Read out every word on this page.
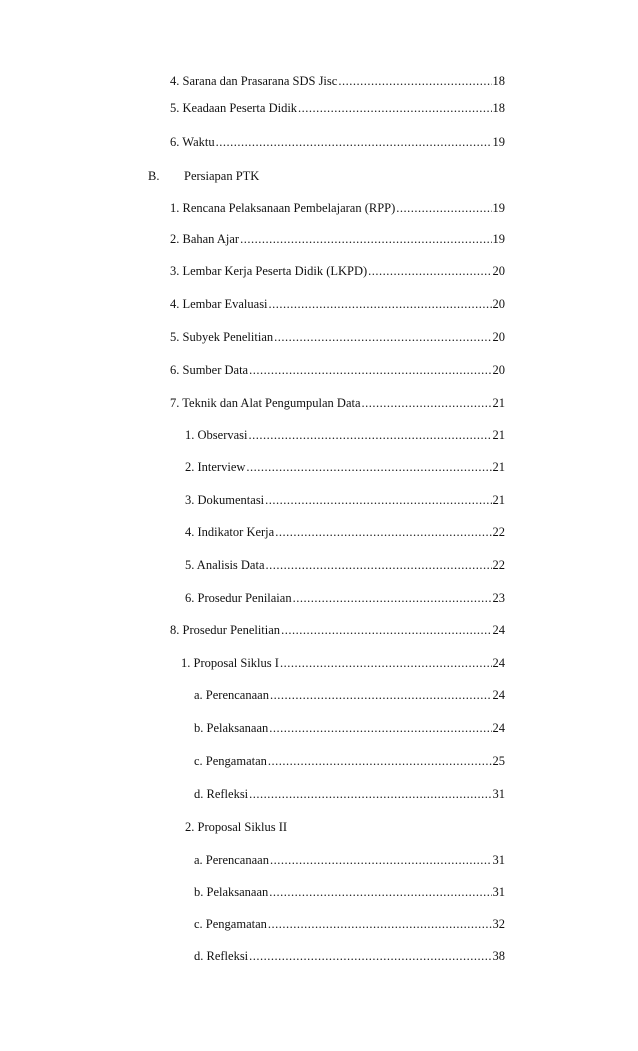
4. Sarana dan Prasarana SDS Jisc .....	18
5. Keadaan Peserta Didik .....	18
6. Waktu .....	19
B. Persiapan PTK
1. Rencana Pelaksanaan Pembelajaran (RPP) .....	19
2. Bahan Ajar .....	19
3. Lembar Kerja Peserta Didik (LKPD) .....	20
4. Lembar Evaluasi .....	20
5. Subyek Penelitian .....	20
6. Sumber Data .....	20
7. Teknik dan Alat Pengumpulan Data .....	21
1. Observasi .....	21
2. Interview .....	21
3. Dokumentasi .....	21
4. Indikator Kerja .....	22
5. Analisis Data .....	22
6. Prosedur Penilaian .....	23
8. Prosedur Penelitian .....	24
1. Proposal Siklus I .....	24
a. Perencanaan .....	24
b. Pelaksanaan .....	24
c. Pengamatan .....	25
d. Refleksi .....	31
2. Proposal Siklus II
a. Perencanaan .....	31
b. Pelaksanaan .....	31
c. Pengamatan .....	32
d. Refleksi .....	38
